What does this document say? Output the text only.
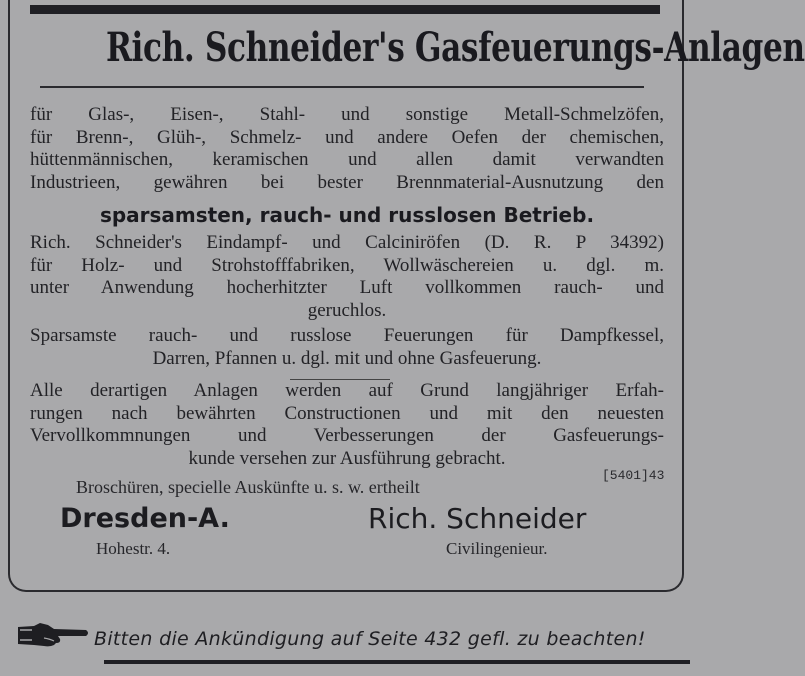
Rich. Schneider's Gasfeuerungs-Anlagen
für Glas-, Eisen-, Stahl- und sonstige Metall-Schmelzöfen,
für Brenn-, Glüh-, Schmelz- und andere Oefen der chemischen,
hüttenmännischen, keramischen und allen damit verwandten
Industrieen, gewähren bei bester Brennmaterial-Ausnutzung den
sparsamsten, rauch- und russlosen Betrieb.
Rich. Schneider's Eindampf- und Calciniröfen (D. R. P 34392)
für Holz- und Strohstofffabriken, Wollwäschereien u. dgl. m.
unter Anwendung hocherhitzter Luft vollkommen rauch- und
geruchlos.
Sparsamste rauch- und russlose Feuerungen für Dampfkessel,
Darren, Pfannen u. dgl. mit und ohne Gasfeuerung.
Alle derartigen Anlagen werden auf Grund langjähriger Erfah-
rungen nach bewährten Constructionen und mit den neuesten
Vervollkommnungen und Verbesserungen der Gasfeuerungs-
kunde versehen zur Ausführung gebracht.
Broschüren, specielle Auskünfte u. s. w. ertheilt
[5401]43
Dresden-A.
Hohestr. 4.
Rich. Schneider
Civilingenieur.
Bitten die Ankündigung auf Seite 432 gefl. zu beachten!
